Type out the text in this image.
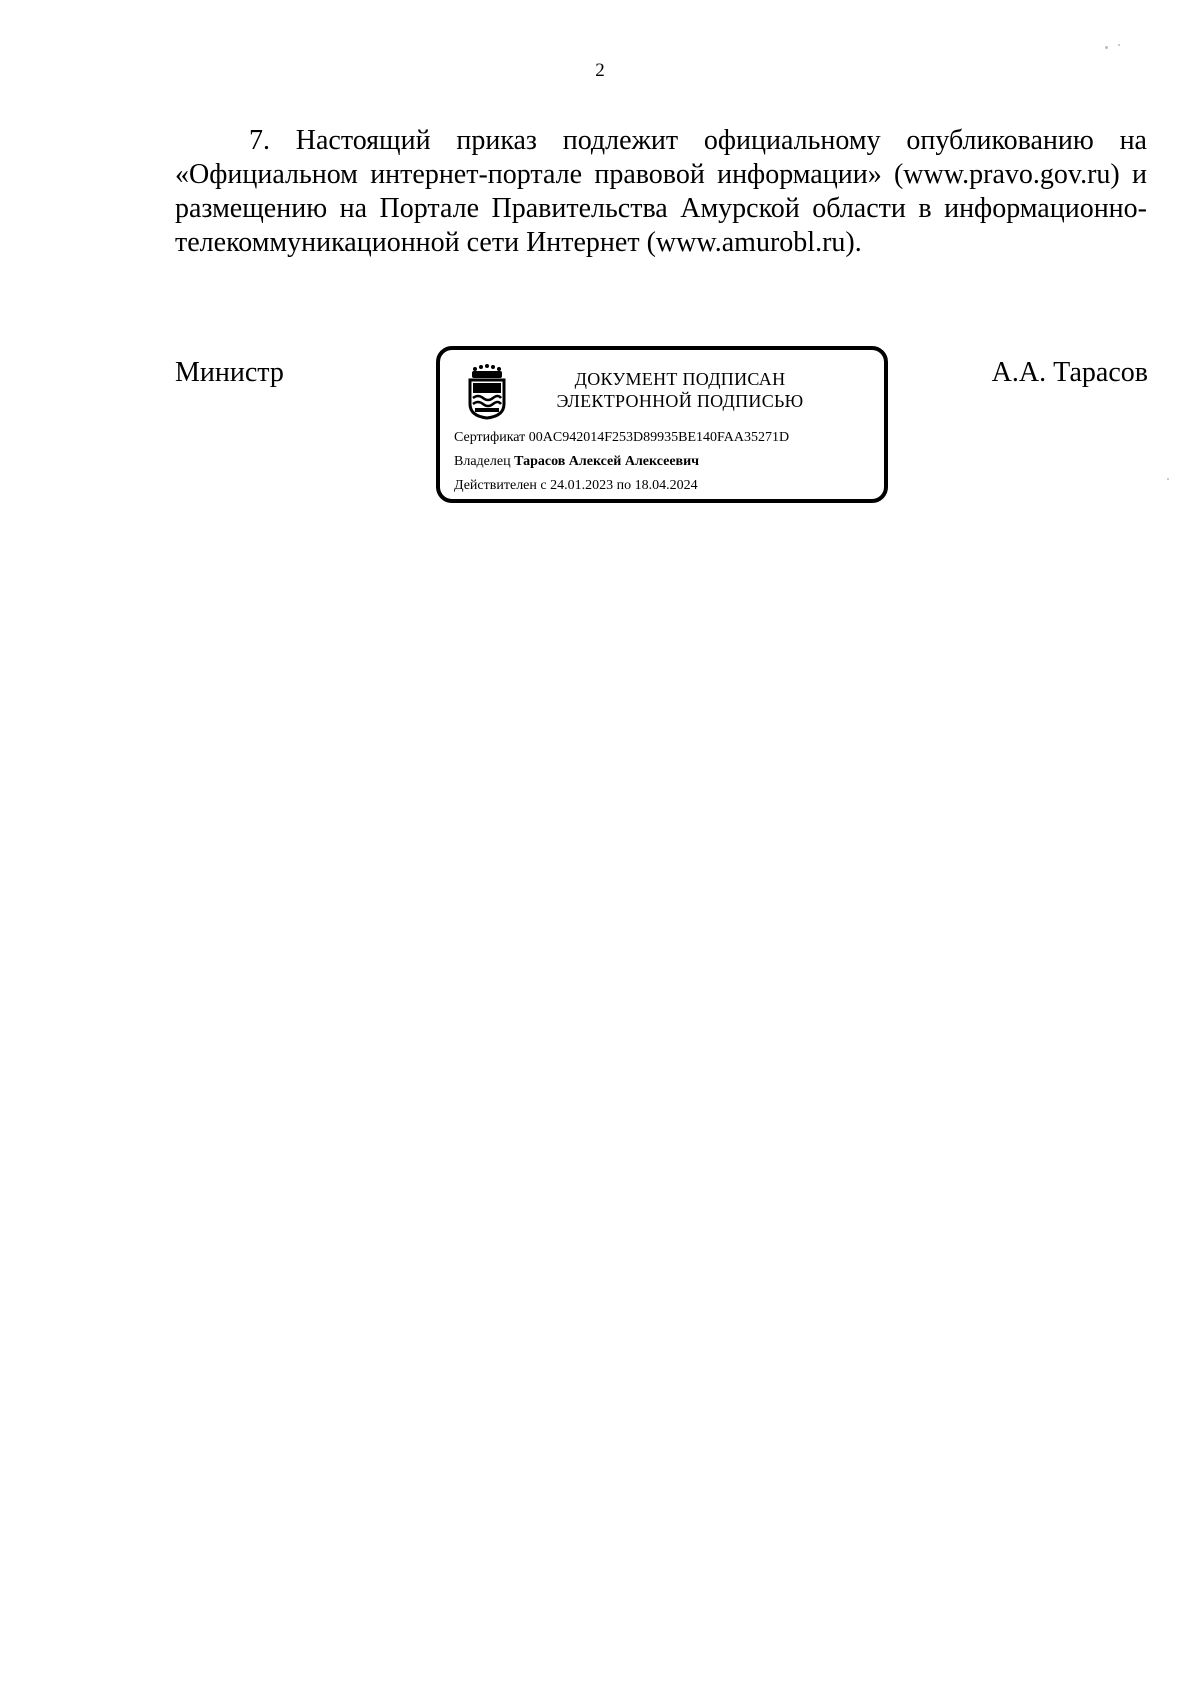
2

7. Настоящий приказ подлежит официальному опубликованию на «Официальном интернет-портале правовой информации» (www.pravo.gov.ru) и размещению на Портале Правительства Амурской области в информационно-телекоммуникационной сети Интернет (www.amurobl.ru).

Министр	ДОКУМЕНТ ПОДПИСАН
ЭЛЕКТРОННОЙ ПОДПИСЬЮ
Сертификат 00AC942014F253D89935BE140FAA35271D
Владелец Тарасов Алексей Алексеевич
Действителен с 24.01.2023 по 18.04.2024
А.А. Тарасов
